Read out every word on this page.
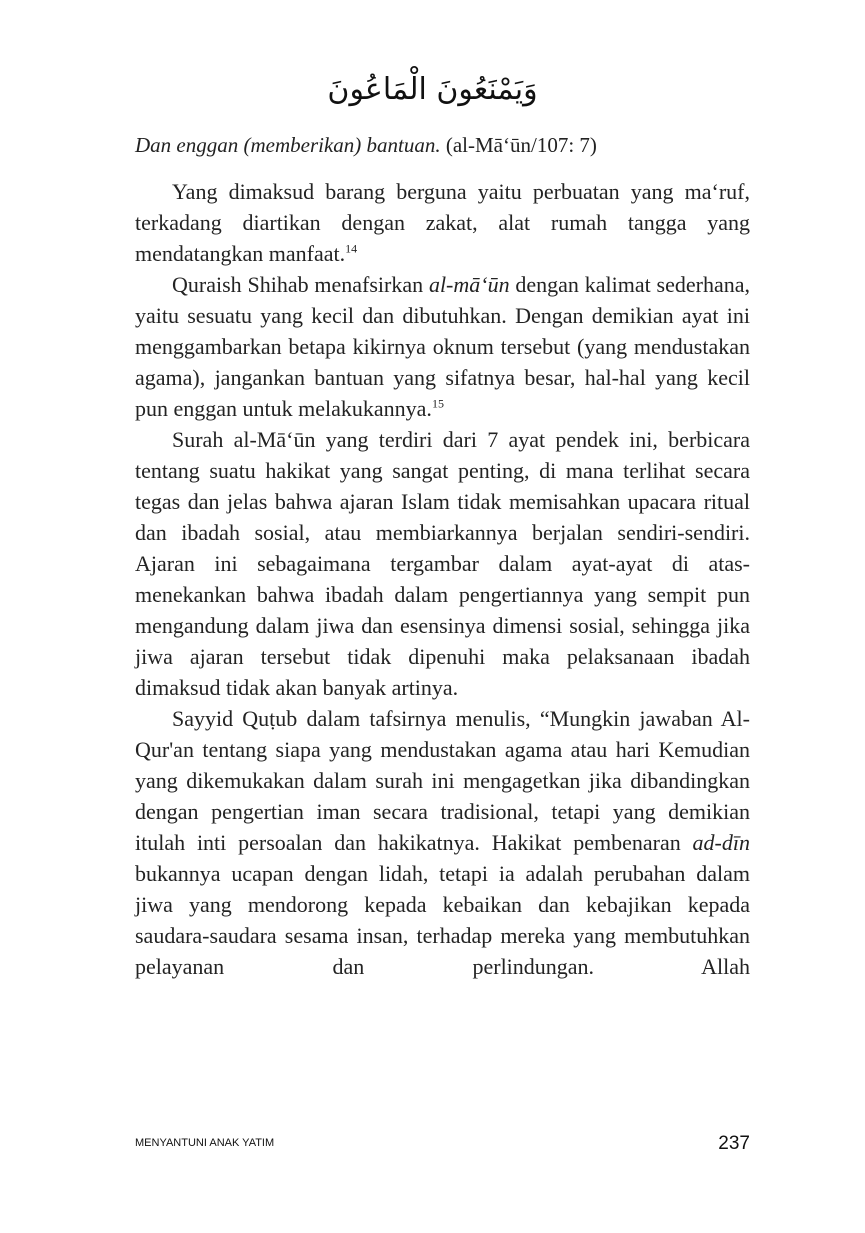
وَيَمْنَعُونَ الْمَاعُونَ
Dan enggan (memberikan) bantuan. (al-Mā‘ūn/107: 7)

Yang dimaksud barang berguna yaitu perbuatan yang ma‘ruf, terkadang diartikan dengan zakat, alat rumah tangga yang mendatangkan manfaat.$^{14}$

Quraish Shihab menafsirkan al-mā‘ūn dengan kalimat sederhana, yaitu sesuatu yang kecil dan dibutuhkan. Dengan demikian ayat ini menggambarkan betapa kikirnya oknum tersebut (yang mendustakan agama), jangankan bantuan yang sifatnya besar, hal-hal yang kecil pun enggan untuk melakukannya.$^{15}$

Surah al-Mā‘ūn yang terdiri dari 7 ayat pendek ini, berbicara tentang suatu hakikat yang sangat penting, di mana terlihat secara tegas dan jelas bahwa ajaran Islam tidak memisahkan upacara ritual dan ibadah sosial, atau membiarkannya berjalan sendiri-sendiri. Ajaran ini sebagaimana tergambar dalam ayat-ayat di atas-menekankan bahwa ibadah dalam pengertiannya yang sempit pun mengandung dalam jiwa dan esensinya dimensi sosial, sehingga jika jiwa ajaran tersebut tidak dipenuhi maka pelaksanaan ibadah dimaksud tidak akan banyak artinya.

Sayyid Quṭub dalam tafsirnya menulis, “Mungkin jawaban Al-Qur'an tentang siapa yang mendustakan agama atau hari Kemudian yang dikemukakan dalam surah ini mengagetkan jika dibandingkan dengan pengertian iman secara tradisional, tetapi yang demikian itulah inti persoalan dan hakikatnya. Hakikat pembenaran ad-dīn bukannya ucapan dengan lidah, tetapi ia adalah perubahan dalam jiwa yang mendorong kepada kebaikan dan kebajikan kepada saudara-saudara sesama insan, terhadap mereka yang membutuhkan pelayanan dan perlindungan. Allah

MENYANTUNI ANAK YATIM	237
